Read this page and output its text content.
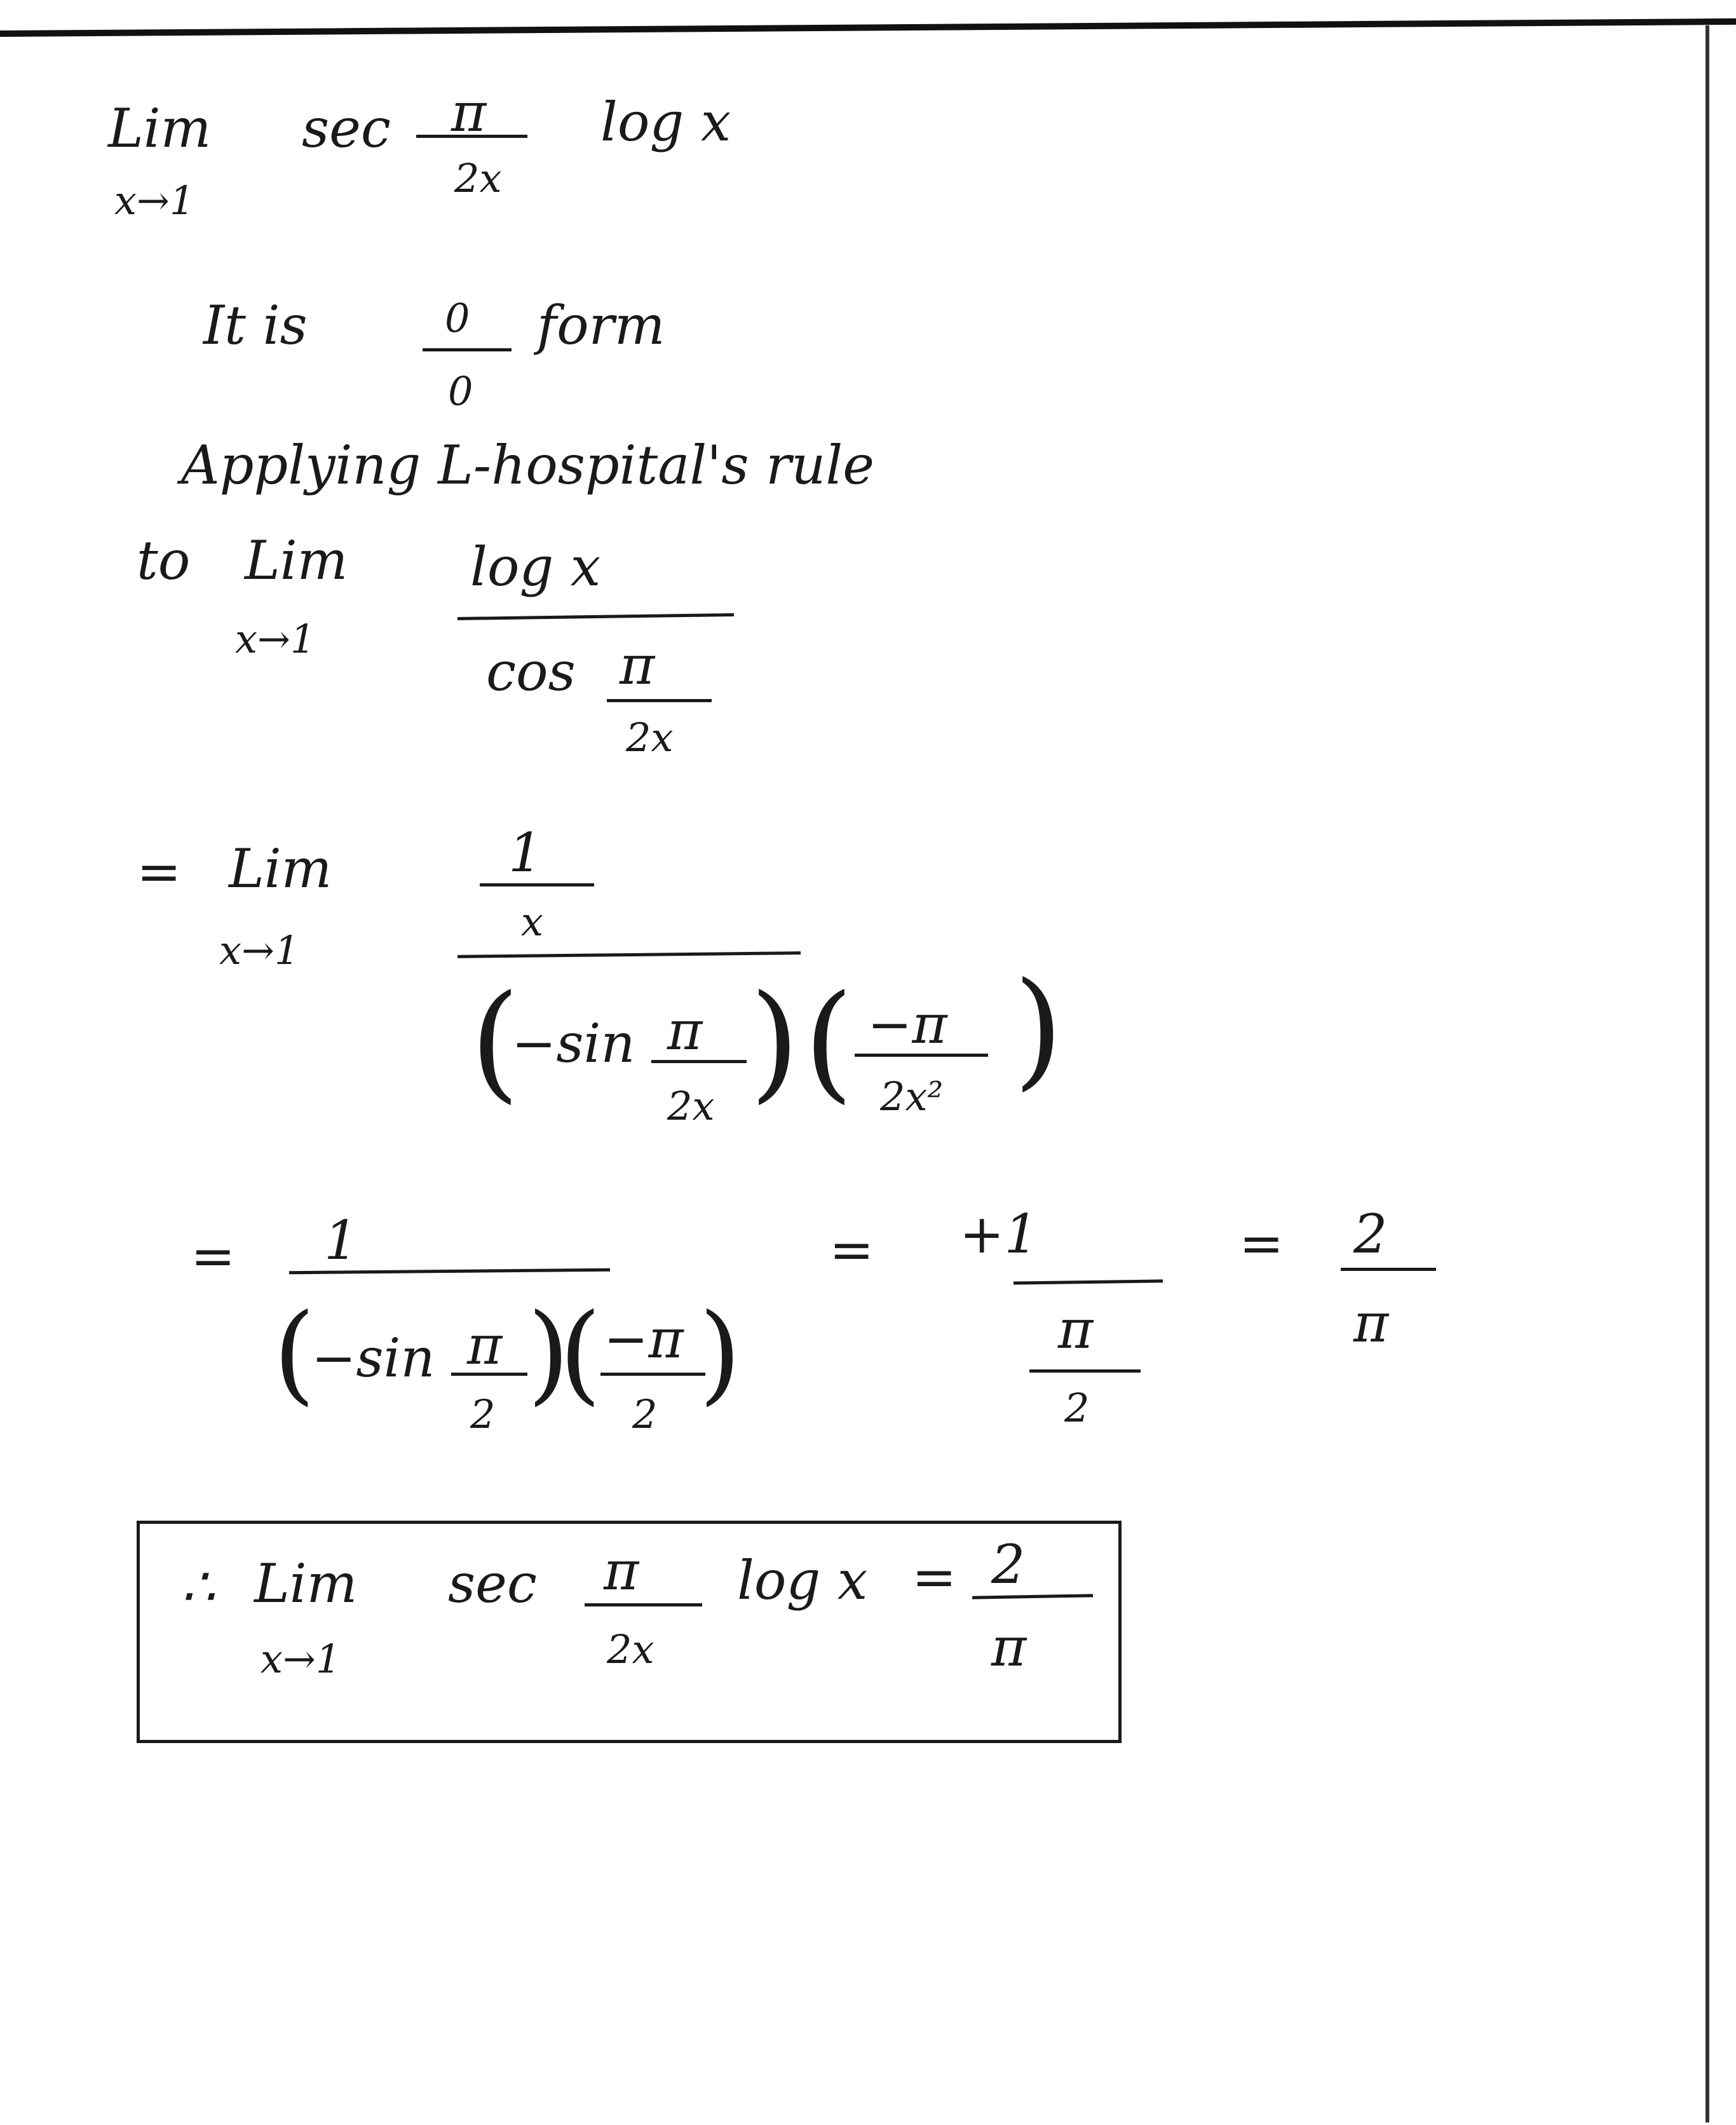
Lim
x→1
sec π
2x
log x
It is	0
0
form
Applying L-hospital's rule
to Lim
x→1
log x
cos π
2x
= Lim
x→1
1
x
(
−sin π
2x ) ( −π
2x² )
= 1
(
−sin π
2 )
( −π
2 )
= +1
π
2
= 2
π
∴ Lim
x→1
sec π
2x
log x = 2
π
